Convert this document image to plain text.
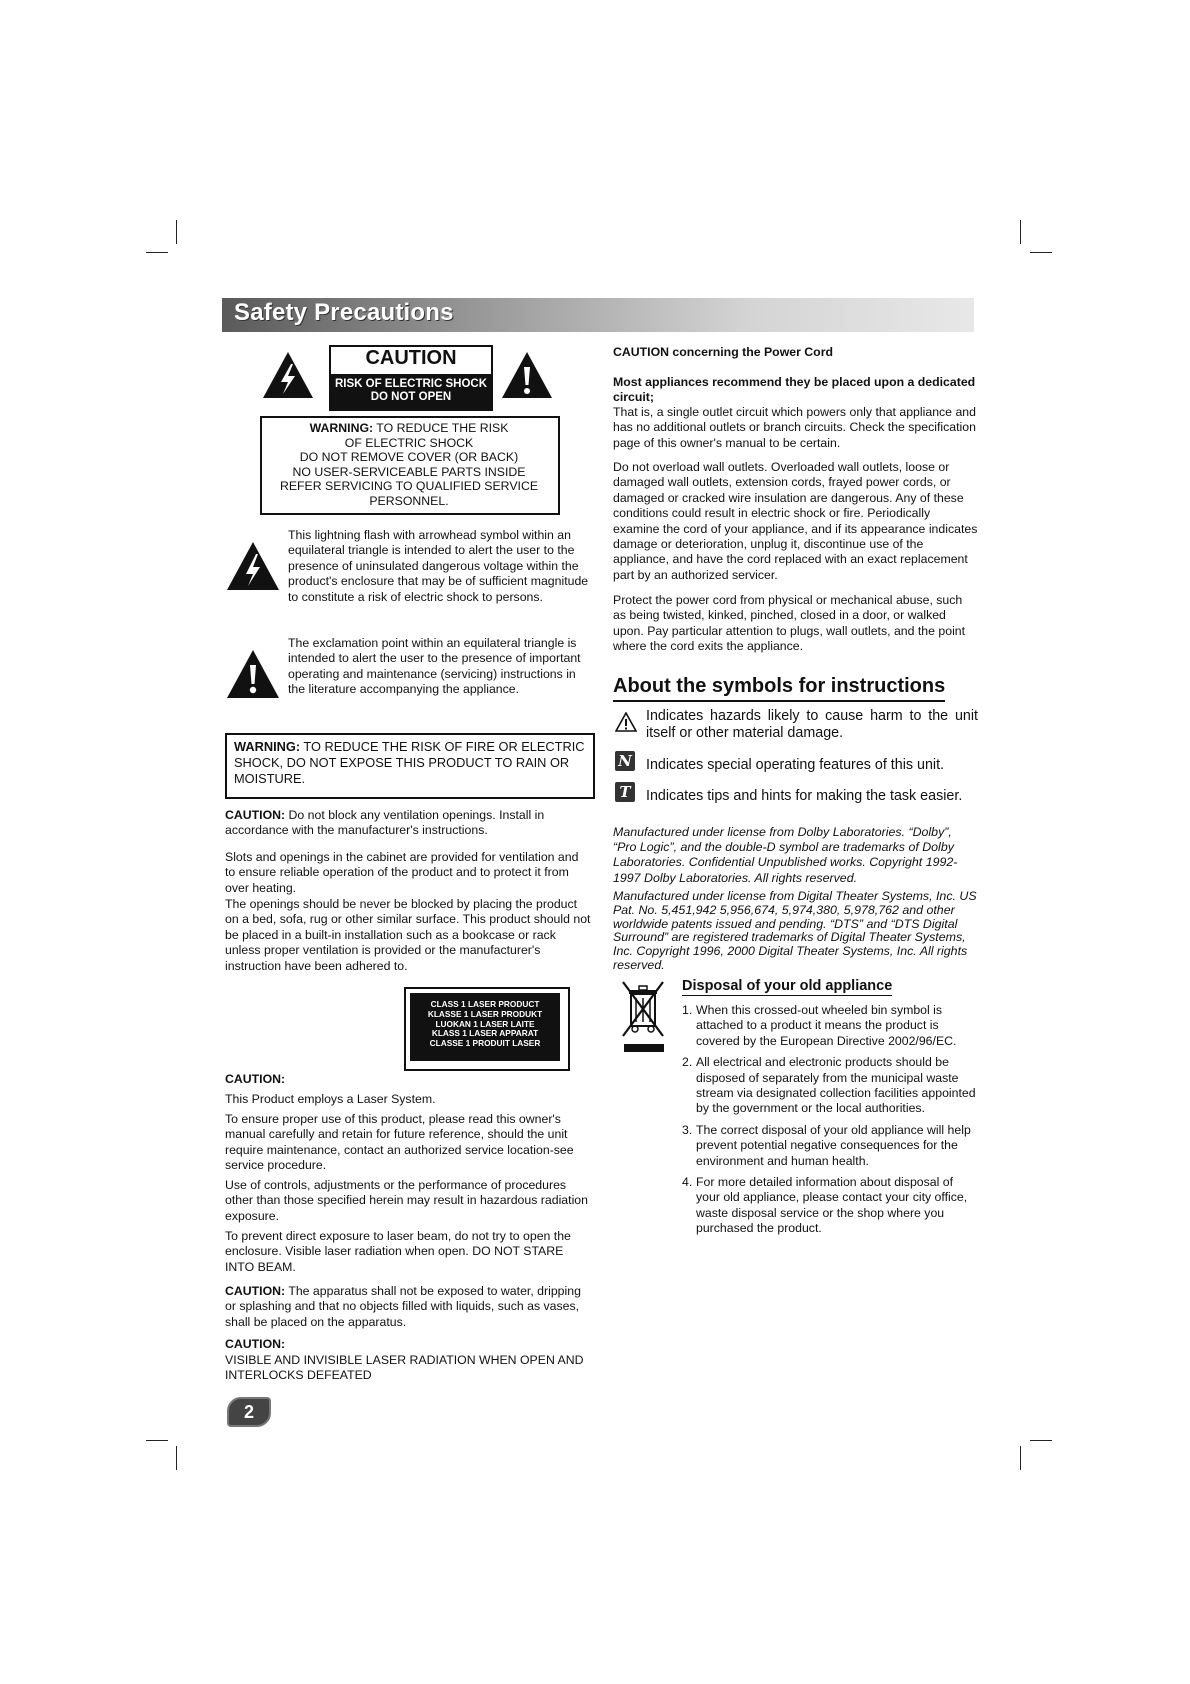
Safety Precautions
CAUTION
RISK OF ELECTRIC SHOCK
DO NOT OPEN
WARNING: TO REDUCE THE RISK
OF ELECTRIC SHOCK
DO NOT REMOVE COVER (OR BACK)
NO USER-SERVICEABLE PARTS INSIDE
REFER SERVICING TO QUALIFIED SERVICE
PERSONNEL.

This lightning flash with arrowhead symbol within an equilateral triangle is intended to alert the user to the presence of uninsulated dangerous voltage within the product's enclosure that may be of sufficient magnitude to constitute a risk of electric shock to persons.

The exclamation point within an equilateral triangle is intended to alert the user to the presence of important operating and maintenance (servicing) instructions in the literature accompanying the appliance.

WARNING: TO REDUCE THE RISK OF FIRE OR ELECTRIC SHOCK, DO NOT EXPOSE THIS PRODUCT TO RAIN OR MOISTURE.

CAUTION: Do not block any ventilation openings. Install in accordance with the manufacturer's instructions.

Slots and openings in the cabinet are provided for ventilation and to ensure reliable operation of the product and to protect it from over heating.

The openings should be never be blocked by placing the product on a bed, sofa, rug or other similar surface. This product should not be placed in a built-in installation such as a bookcase or rack unless proper ventilation is provided or the manufacturer's instruction have been adhered to.

CLASS 1 LASER PRODUCT
KLASSE 1 LASER PRODUKT
LUOKAN 1 LASER LAITE
KLASS 1 LASER APPARAT
CLASSE 1 PRODUIT LASER

CAUTION:

This Product employs a Laser System.

To ensure proper use of this product, please read this owner's manual carefully and retain for future reference, should the unit require maintenance, contact an authorized service location-see service procedure.

Use of controls, adjustments or the performance of procedures other than those specified herein may result in hazardous radiation exposure.

To prevent direct exposure to laser beam, do not try to open the enclosure. Visible laser radiation when open. DO NOT STARE INTO BEAM.

CAUTION: The apparatus shall not be exposed to water, dripping or splashing and that no objects filled with liquids, such as vases, shall be placed on the apparatus.

CAUTION:

VISIBLE AND INVISIBLE LASER RADIATION WHEN OPEN AND INTERLOCKS DEFEATED

2

CAUTION concerning the Power Cord

Most appliances recommend they be placed upon a dedicated circuit;

That is, a single outlet circuit which powers only that appliance and has no additional outlets or branch circuits. Check the specification page of this owner's manual to be certain.

Do not overload wall outlets. Overloaded wall outlets, loose or damaged wall outlets, extension cords, frayed power cords, or damaged or cracked wire insulation are dangerous. Any of these conditions could result in electric shock or fire. Periodically examine the cord of your appliance, and if its appearance indicates damage or deterioration, unplug it, discontinue use of the appliance, and have the cord replaced with an exact replacement part by an authorized servicer.

Protect the power cord from physical or mechanical abuse, such as being twisted, kinked, pinched, closed in a door, or walked upon. Pay particular attention to plugs, wall outlets, and the point where the cord exits the appliance.

About the symbols for instructions

Indicates hazards likely to cause harm to the unit itself or other material damage.

N Indicates special operating features of this unit.

T	Indicates tips and hints for making the task easier.

Manufactured under license from Dolby Laboratories. “Dolby”, “Pro Logic”, and the double-D symbol are trademarks of Dolby Laboratories. Confidential Unpublished works. Copyright 1992-1997 Dolby Laboratories. All rights reserved.

Manufactured under license from Digital Theater Systems, Inc. US Pat. No. 5,451,942 5,956,674, 5,974,380, 5,978,762 and other worldwide patents issued and pending. “DTS” and “DTS Digital Surround” are registered trademarks of Digital Theater Systems, Inc. Copyright 1996, 2000 Digital Theater Systems, Inc. All rights reserved.

Disposal of your old appliance
1. When this crossed-out wheeled bin symbol is attached to a product it means the product is covered by the European Directive 2002/96/EC.
2. All electrical and electronic products should be disposed of separately from the municipal waste stream via designated collection facilities appointed by the government or the local authorities.
3. The correct disposal of your old appliance will help prevent potential negative consequences for the environment and human health.
4. For more detailed information about disposal of your old appliance, please contact your city office, waste disposal service or the shop where you purchased the product.
